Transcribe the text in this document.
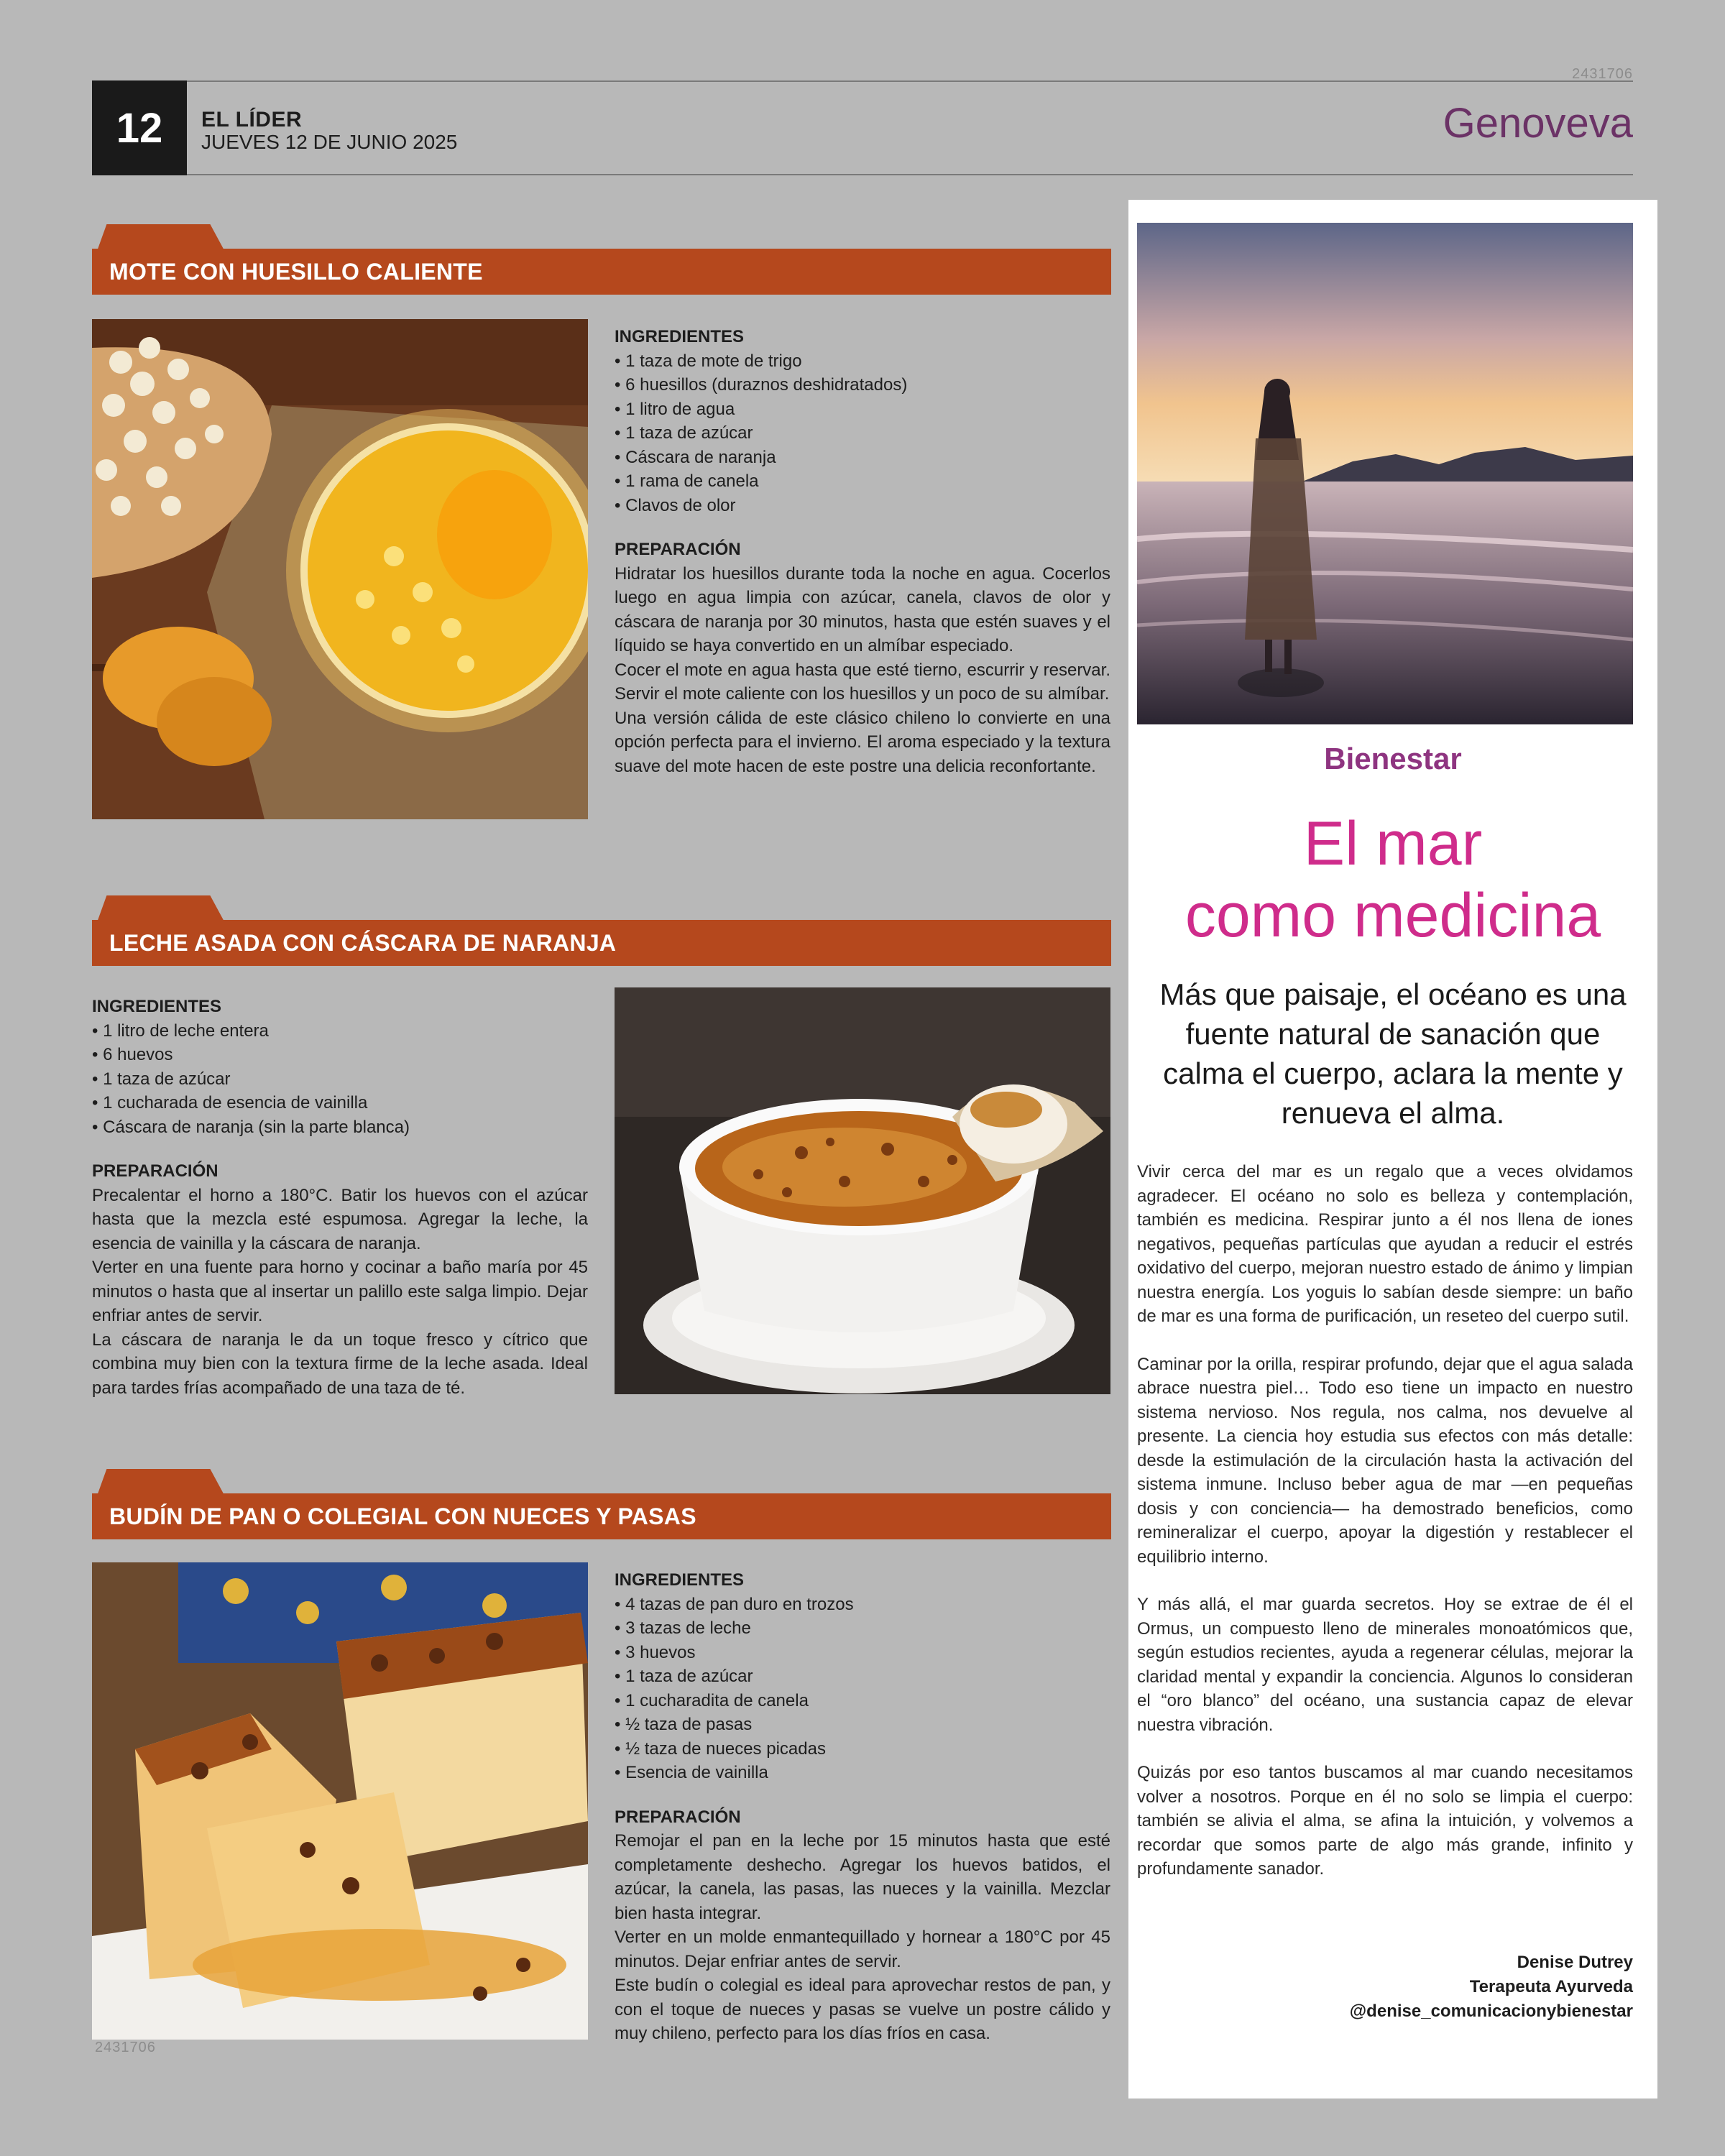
12	EL LÍDER
JUEVES 12 DE JUNIO 2025	Genoveva
2431706
2431706
MOTE CON HUESILLO CALIENTE
INGREDIENTES
• 1 taza de mote de trigo
• 6 huesillos (duraznos deshidratados)
• 1 litro de agua
• 1 taza de azúcar
• Cáscara de naranja
• 1 rama de canela
• Clavos de olor
PREPARACIÓN

Hidratar los huesillos durante toda la noche en agua. Cocerlos luego en agua limpia con azúcar, canela, clavos de olor y cáscara de naranja por 30 minutos, hasta que estén suaves y el líquido se haya convertido en un almíbar especiado.

Cocer el mote en agua hasta que esté tierno, escurrir y reservar. Servir el mote caliente con los huesillos y un poco de su almíbar.

Una versión cálida de este clásico chileno lo convierte en una opción perfecta para el invierno. El aroma especiado y la textura suave del mote hacen de este postre una delicia reconfortante.

LECHE ASADA CON CÁSCARA DE NARANJA
INGREDIENTES
• 1 litro de leche entera
• 6 huevos
• 1 taza de azúcar
• 1 cucharada de esencia de vainilla
• Cáscara de naranja (sin la parte blanca)
PREPARACIÓN

Precalentar el horno a 180°C. Batir los huevos con el azúcar hasta que la mezcla esté espumosa. Agregar la leche, la esencia de vainilla y la cáscara de naranja.

Verter en una fuente para horno y cocinar a baño maría por 45 minutos o hasta que al insertar un palillo este salga limpio. Dejar enfriar antes de servir.

La cáscara de naranja le da un toque fresco y cítrico que combina muy bien con la textura firme de la leche asada. Ideal para tardes frías acompañado de una taza de té.

BUDÍN DE PAN O COLEGIAL CON NUECES Y PASAS
INGREDIENTES
• 4 tazas de pan duro en trozos
• 3 tazas de leche
• 3 huevos
• 1 taza de azúcar
• 1 cucharadita de canela
• ½ taza de pasas
• ½ taza de nueces picadas
• Esencia de vainilla
PREPARACIÓN

Remojar el pan en la leche por 15 minutos hasta que esté completamente deshecho. Agregar los huevos batidos, el azúcar, la canela, las pasas, las nueces y la vainilla. Mezclar bien hasta integrar.

Verter en un molde enmantequillado y hornear a 180°C por 45 minutos. Dejar enfriar antes de servir.

Este budín o colegial es ideal para aprovechar restos de pan, y con el toque de nueces y pasas se vuelve un postre cálido y muy chileno, perfecto para los días fríos en casa.

Bienestar
El mar
como medicina
Más que paisaje, el océano es una fuente natural de sanación que calma el cuerpo, aclara la mente y renueva el alma.

Vivir cerca del mar es un regalo que a veces olvidamos agradecer. El océano no solo es belleza y contemplación, también es medicina. Respirar junto a él nos llena de iones negativos, pequeñas partículas que ayudan a reducir el estrés oxidativo del cuerpo, mejoran nuestro estado de ánimo y limpian nuestra energía. Los yoguis lo sabían desde siempre: un baño de mar es una forma de purificación, un reseteo del cuerpo sutil.

Caminar por la orilla, respirar profundo, dejar que el agua salada abrace nuestra piel… Todo eso tiene un impacto en nuestro sistema nervioso. Nos regula, nos calma, nos devuelve al presente. La ciencia hoy estudia sus efectos con más detalle: desde la estimulación de la circulación hasta la activación del sistema inmune. Incluso beber agua de mar —en pequeñas dosis y con conciencia— ha demostrado beneficios, como remineralizar el cuerpo, apoyar la digestión y restablecer el equilibrio interno.

Y más allá, el mar guarda secretos. Hoy se extrae de él el Ormus, un compuesto lleno de minerales monoatómicos que, según estudios recientes, ayuda a regenerar células, mejorar la claridad mental y expandir la conciencia. Algunos lo consideran el “oro blanco” del océano, una sustancia capaz de elevar nuestra vibración.

Quizás por eso tantos buscamos al mar cuando necesitamos volver a nosotros. Porque en él no solo se limpia el cuerpo: también se alivia el alma, se afina la intuición, y volvemos a recordar que somos parte de algo más grande, infinito y profundamente sanador.

Denise Dutrey
Terapeuta Ayurveda
@denise_comunicacionybienestar
